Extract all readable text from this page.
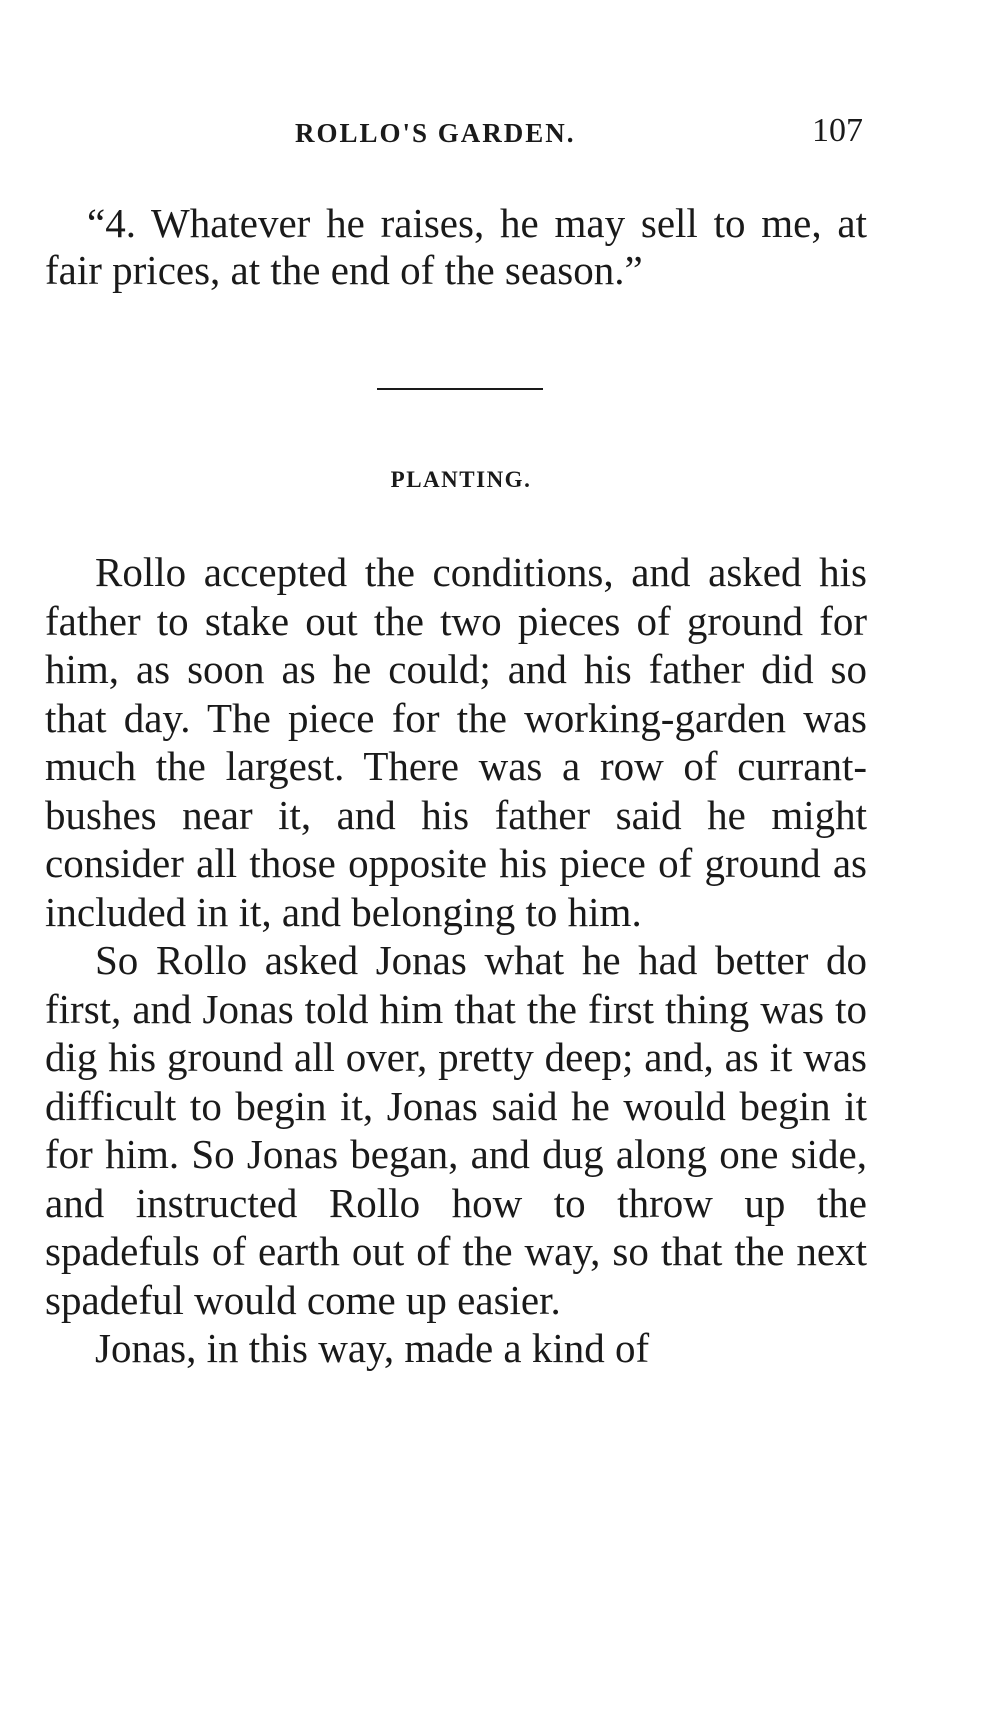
ROLLO'S GARDEN.	107
“4. Whatever he raises, he may sell to me, at fair prices, at the end of the season.”
PLANTING.

Rollo accepted the conditions, and asked his father to stake out the two pieces of ground for him, as soon as he could; and his father did so that day. The piece for the working-garden was much the largest. There was a row of currant-bushes near it, and his father said he might consider all those opposite his piece of ground as included in it, and belonging to him.

So Rollo asked Jonas what he had better do first, and Jonas told him that the first thing was to dig his ground all over, pretty deep; and, as it was difficult to begin it, Jonas said he would begin it for him. So Jonas began, and dug along one side, and instructed Rollo how to throw up the spadefuls of earth out of the way, so that the next spadeful would come up easier.

Jonas, in this way, made a kind of
